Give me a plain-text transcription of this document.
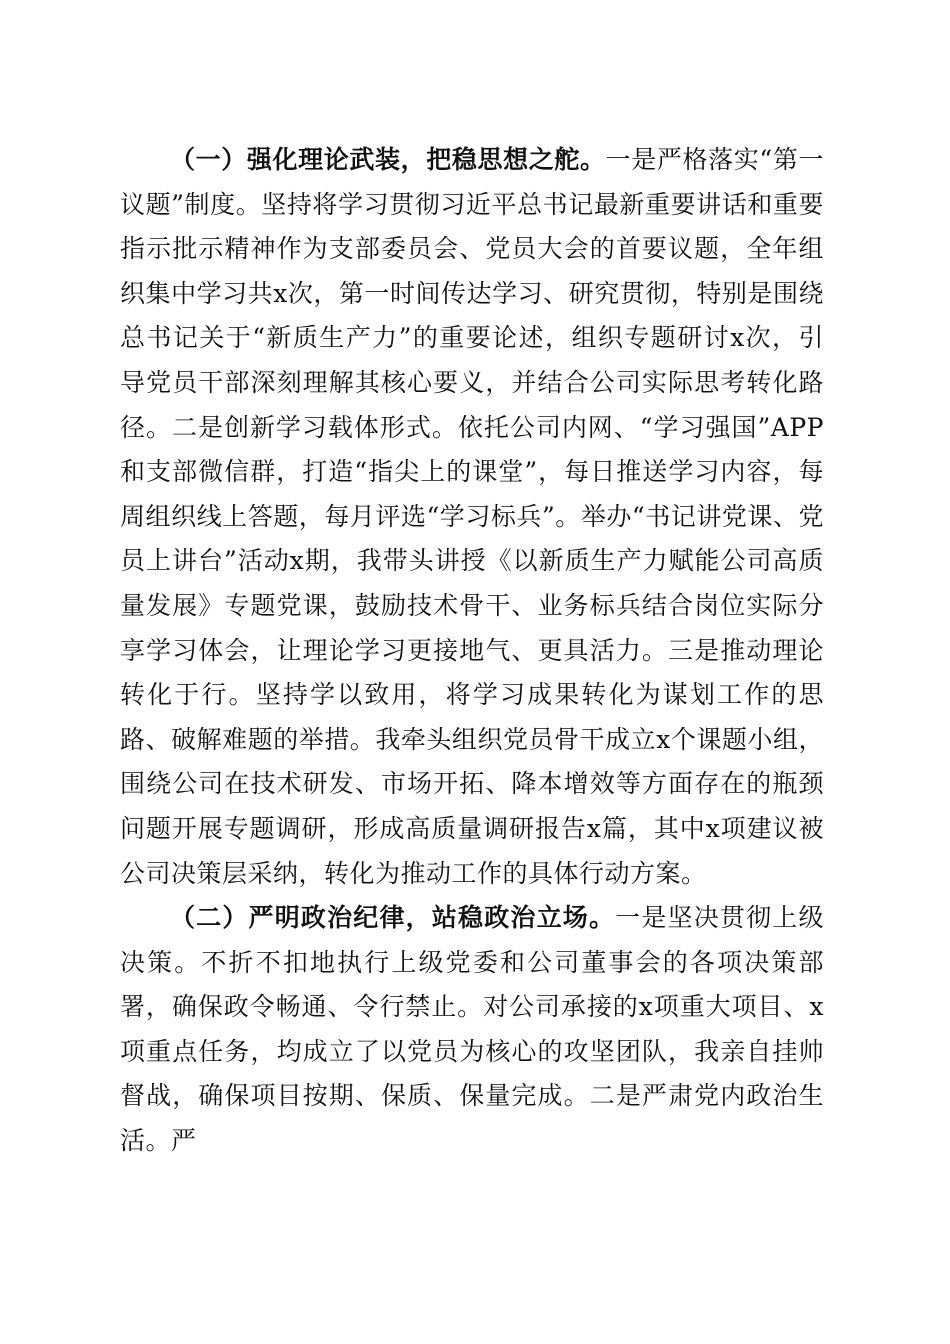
（一）强化理论武装，把稳思想之舵。一是严格落实“第一议题”制度。坚持将学习贯彻习近平总书记最新重要讲话和重要指示批示精神作为支部委员会、党员大会的首要议题，全年组织集中学习共x次，第一时间传达学习、研究贯彻，特别是围绕总书记关于“新质生产力”的重要论述，组织专题研讨x次，引导党员干部深刻理解其核心要义，并结合公司实际思考转化路径。二是创新学习载体形式。依托公司内网、“学习强国”APP和支部微信群，打造“指尖上的课堂”，每日推送学习内容，每周组织线上答题，每月评选“学习标兵”。举办“书记讲党课、党员上讲台”活动x期，我带头讲授《以新质生产力赋能公司高质量发展》专题党课，鼓励技术骨干、业务标兵结合岗位实际分享学习体会，让理论学习更接地气、更具活力。三是推动理论转化于行。坚持学以致用，将学习成果转化为谋划工作的思路、破解难题的举措。我牵头组织党员骨干成立x个课题小组，围绕公司在技术研发、市场开拓、降本增效等方面存在的瓶颈问题开展专题调研，形成高质量调研报告x篇，其中x项建议被公司决策层采纳，转化为推动工作的具体行动方案。

（二）严明政治纪律，站稳政治立场。一是坚决贯彻上级决策。不折不扣地执行上级党委和公司董事会的各项决策部署，确保政令畅通、令行禁止。对公司承接的x项重大项目、x项重点任务，均成立了以党员为核心的攻坚团队，我亲自挂帅督战，确保项目按期、保质、保量完成。二是严肃党内政治生活。严
